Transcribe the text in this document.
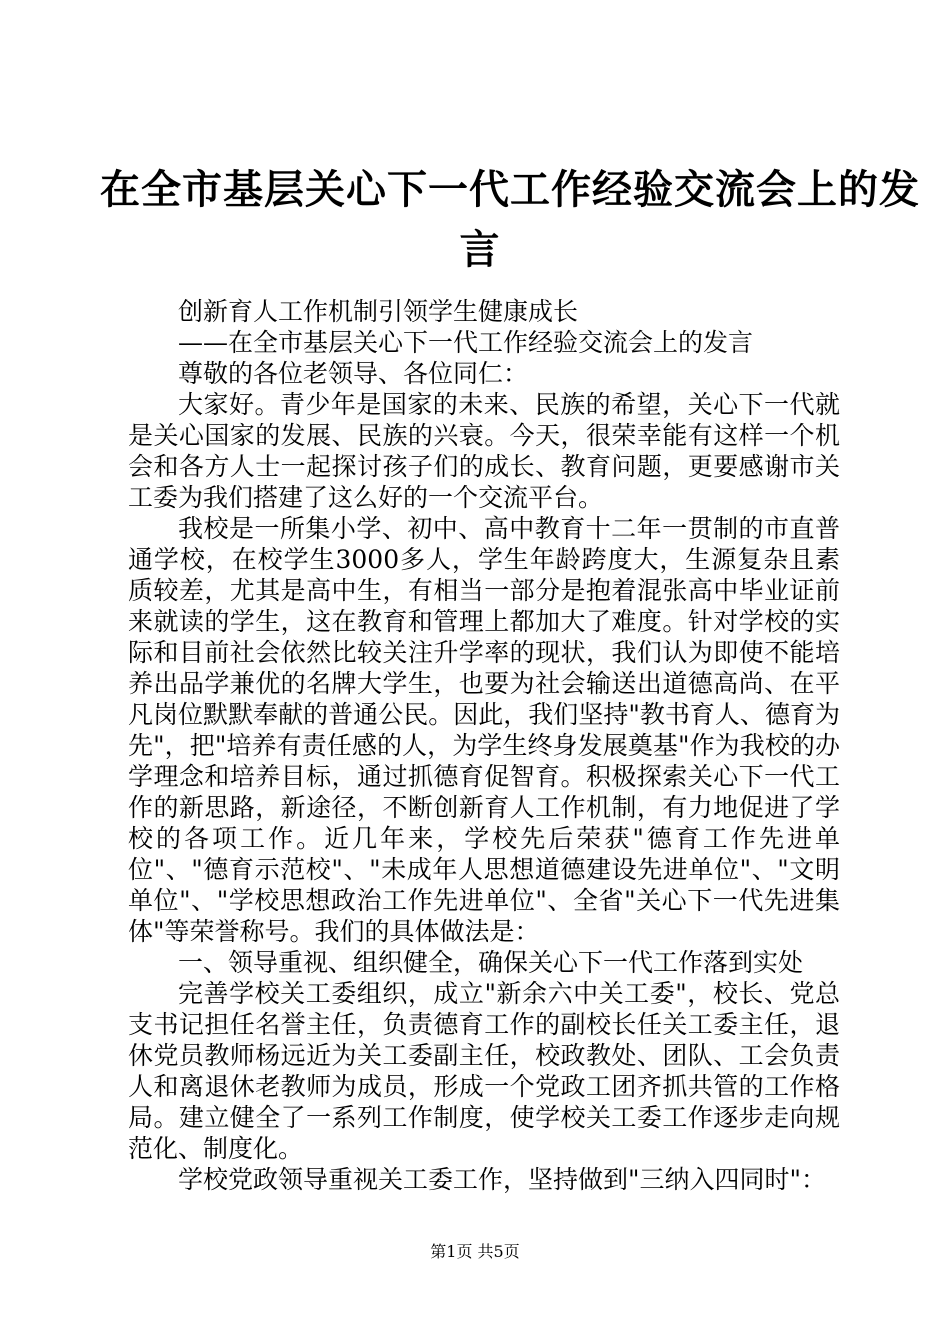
在全市基层关心下一代工作经验交流会上的发
言

创新育人工作机制引领学生健康成长

——在全市基层关心下一代工作经验交流会上的发言

尊敬的各位老领导、各位同仁：

大家好。青少年是国家的未来、民族的希望，关心下一代就是关心国家的发展、民族的兴衰。今天，很荣幸能有这样一个机会和各方人士一起探讨孩子们的成长、教育问题，更要感谢市关工委为我们搭建了这么好的一个交流平台。

我校是一所集小学、初中、高中教育十二年一贯制的市直普通学校，在校学生3000多人，学生年龄跨度大，生源复杂且素质较差，尤其是高中生，有相当一部分是抱着混张高中毕业证前来就读的学生，这在教育和管理上都加大了难度。针对学校的实际和目前社会依然比较关注升学率的现状，我们认为即使不能培养出品学兼优的名牌大学生，也要为社会输送出道德高尚、在平凡岗位默默奉献的普通公民。因此，我们坚持"教书育人、德育为先"，把"培养有责任感的人，为学生终身发展奠基"作为我校的办学理念和培养目标，通过抓德育促智育。积极探索关心下一代工作的新思路，新途径，不断创新育人工作机制，有力地促进了学校的各项工作。近几年来，学校先后荣获"德育工作先进单位"、"德育示范校"、"未成年人思想道德建设先进单位"、"文明单位"、"学校思想政治工作先进单位"、全省"关心下一代先进集体"等荣誉称号。我们的具体做法是：

一、领导重视、组织健全，确保关心下一代工作落到实处

完善学校关工委组织，成立"新余六中关工委"，校长、党总支书记担任名誉主任，负责德育工作的副校长任关工委主任，退休党员教师杨远近为关工委副主任，校政教处、团队、工会负责人和离退休老教师为成员，形成一个党政工团齐抓共管的工作格局。建立健全了一系列工作制度，使学校关工委工作逐步走向规范化、制度化。

学校党政领导重视关工委工作，坚持做到"三纳入四同时"：

第1页 共5页
